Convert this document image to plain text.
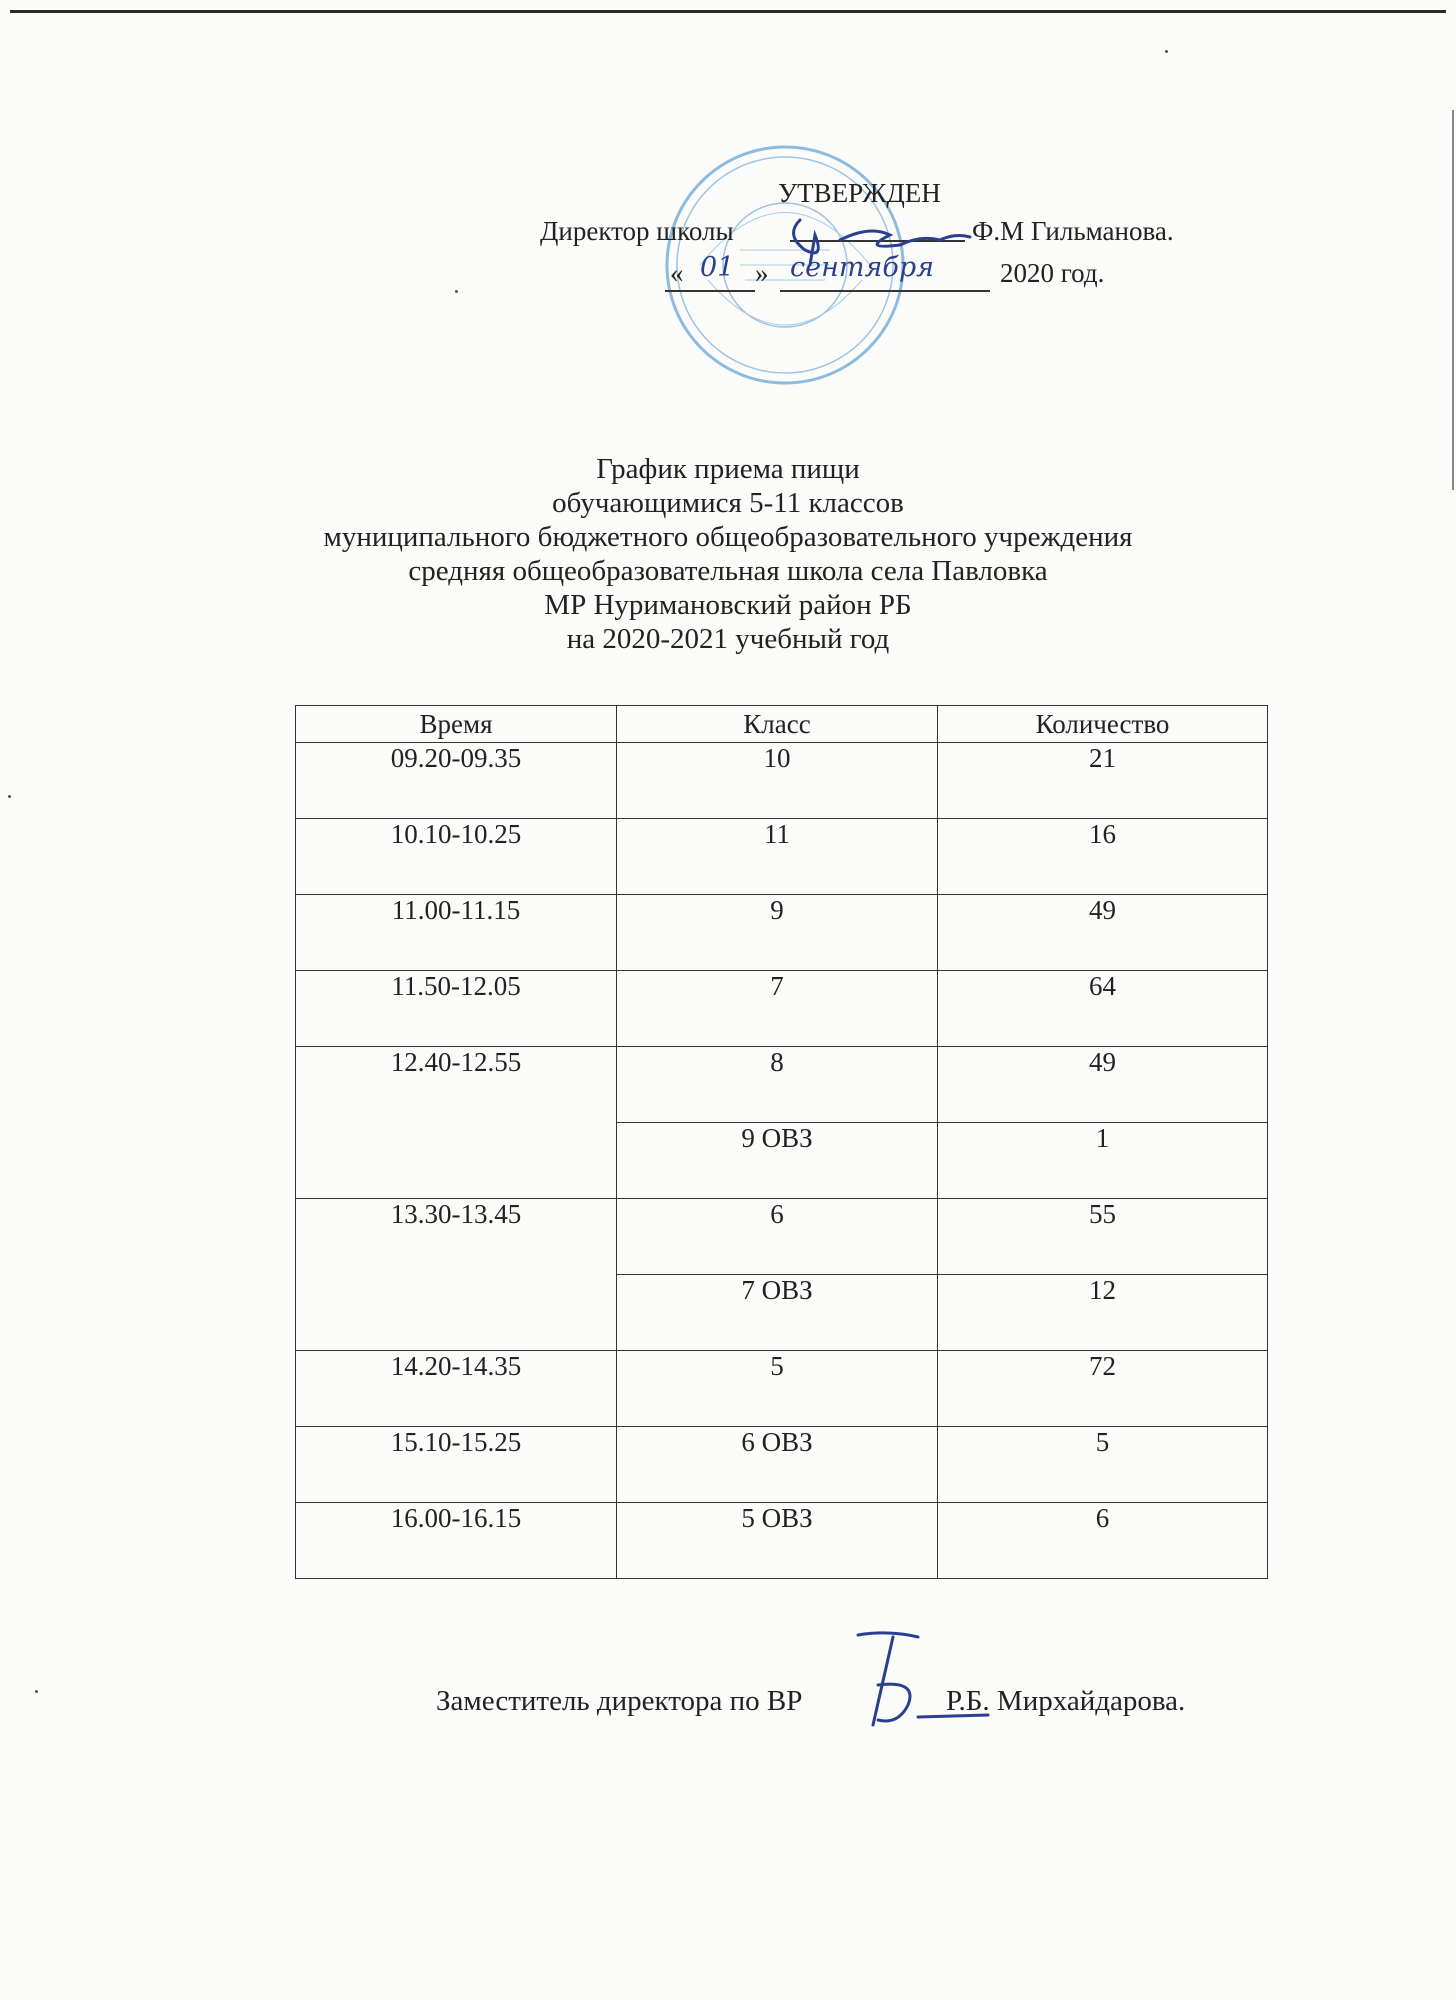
УТВЕРЖДЕН
Директор школы	Ф.М Гильманова.
« 01 » сентября 2020 год.
График приема пищи
обучающимися 5-11 классов
муниципального бюджетного общеобразовательного учреждения
средняя общеобразовательная школа села Павловка
МР Нуримановский район РБ
на 2020-2021 учебный год
Время	Класс	Количество
09.20-09.35	10	21
10.10-10.25	11	16
11.00-11.15	9	49
11.50-12.05	7	64
12.40-12.55	8	49
	9 ОВЗ	1
13.30-13.45	6	55
	7 ОВЗ	12
14.20-14.35	5	72
15.10-15.25	6 ОВЗ	5
16.00-16.15	5 ОВЗ	6
Заместитель директора по ВР	Р.Б. Мирхайдарова.
